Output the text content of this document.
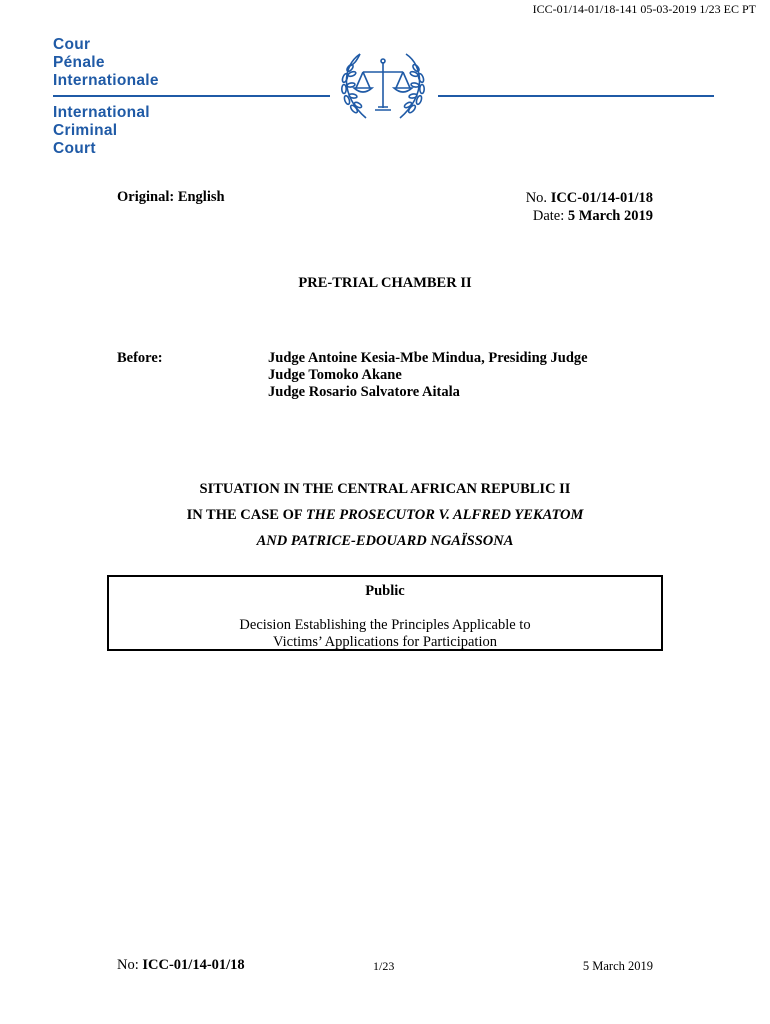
ICC-01/14-01/18-141 05-03-2019 1/23 EC PT
Cour
Pénale
Internationale
International
Criminal
Court
Original: English	No. ICC-01/14-01/18
Date: 5 March 2019
PRE-TRIAL CHAMBER II
Before:	Judge Antoine Kesia-Mbe Mindua, Presiding Judge
Judge Tomoko Akane
Judge Rosario Salvatore Aitala
SITUATION IN THE CENTRAL AFRICAN REPUBLIC II
IN THE CASE OF THE PROSECUTOR V. ALFRED YEKATOM
AND PATRICE-EDOUARD NGAÏSSONA
Public
Decision Establishing the Principles Applicable to
Victims’ Applications for Participation
No: ICC-01/14-01/18	1/23	5 March 2019
